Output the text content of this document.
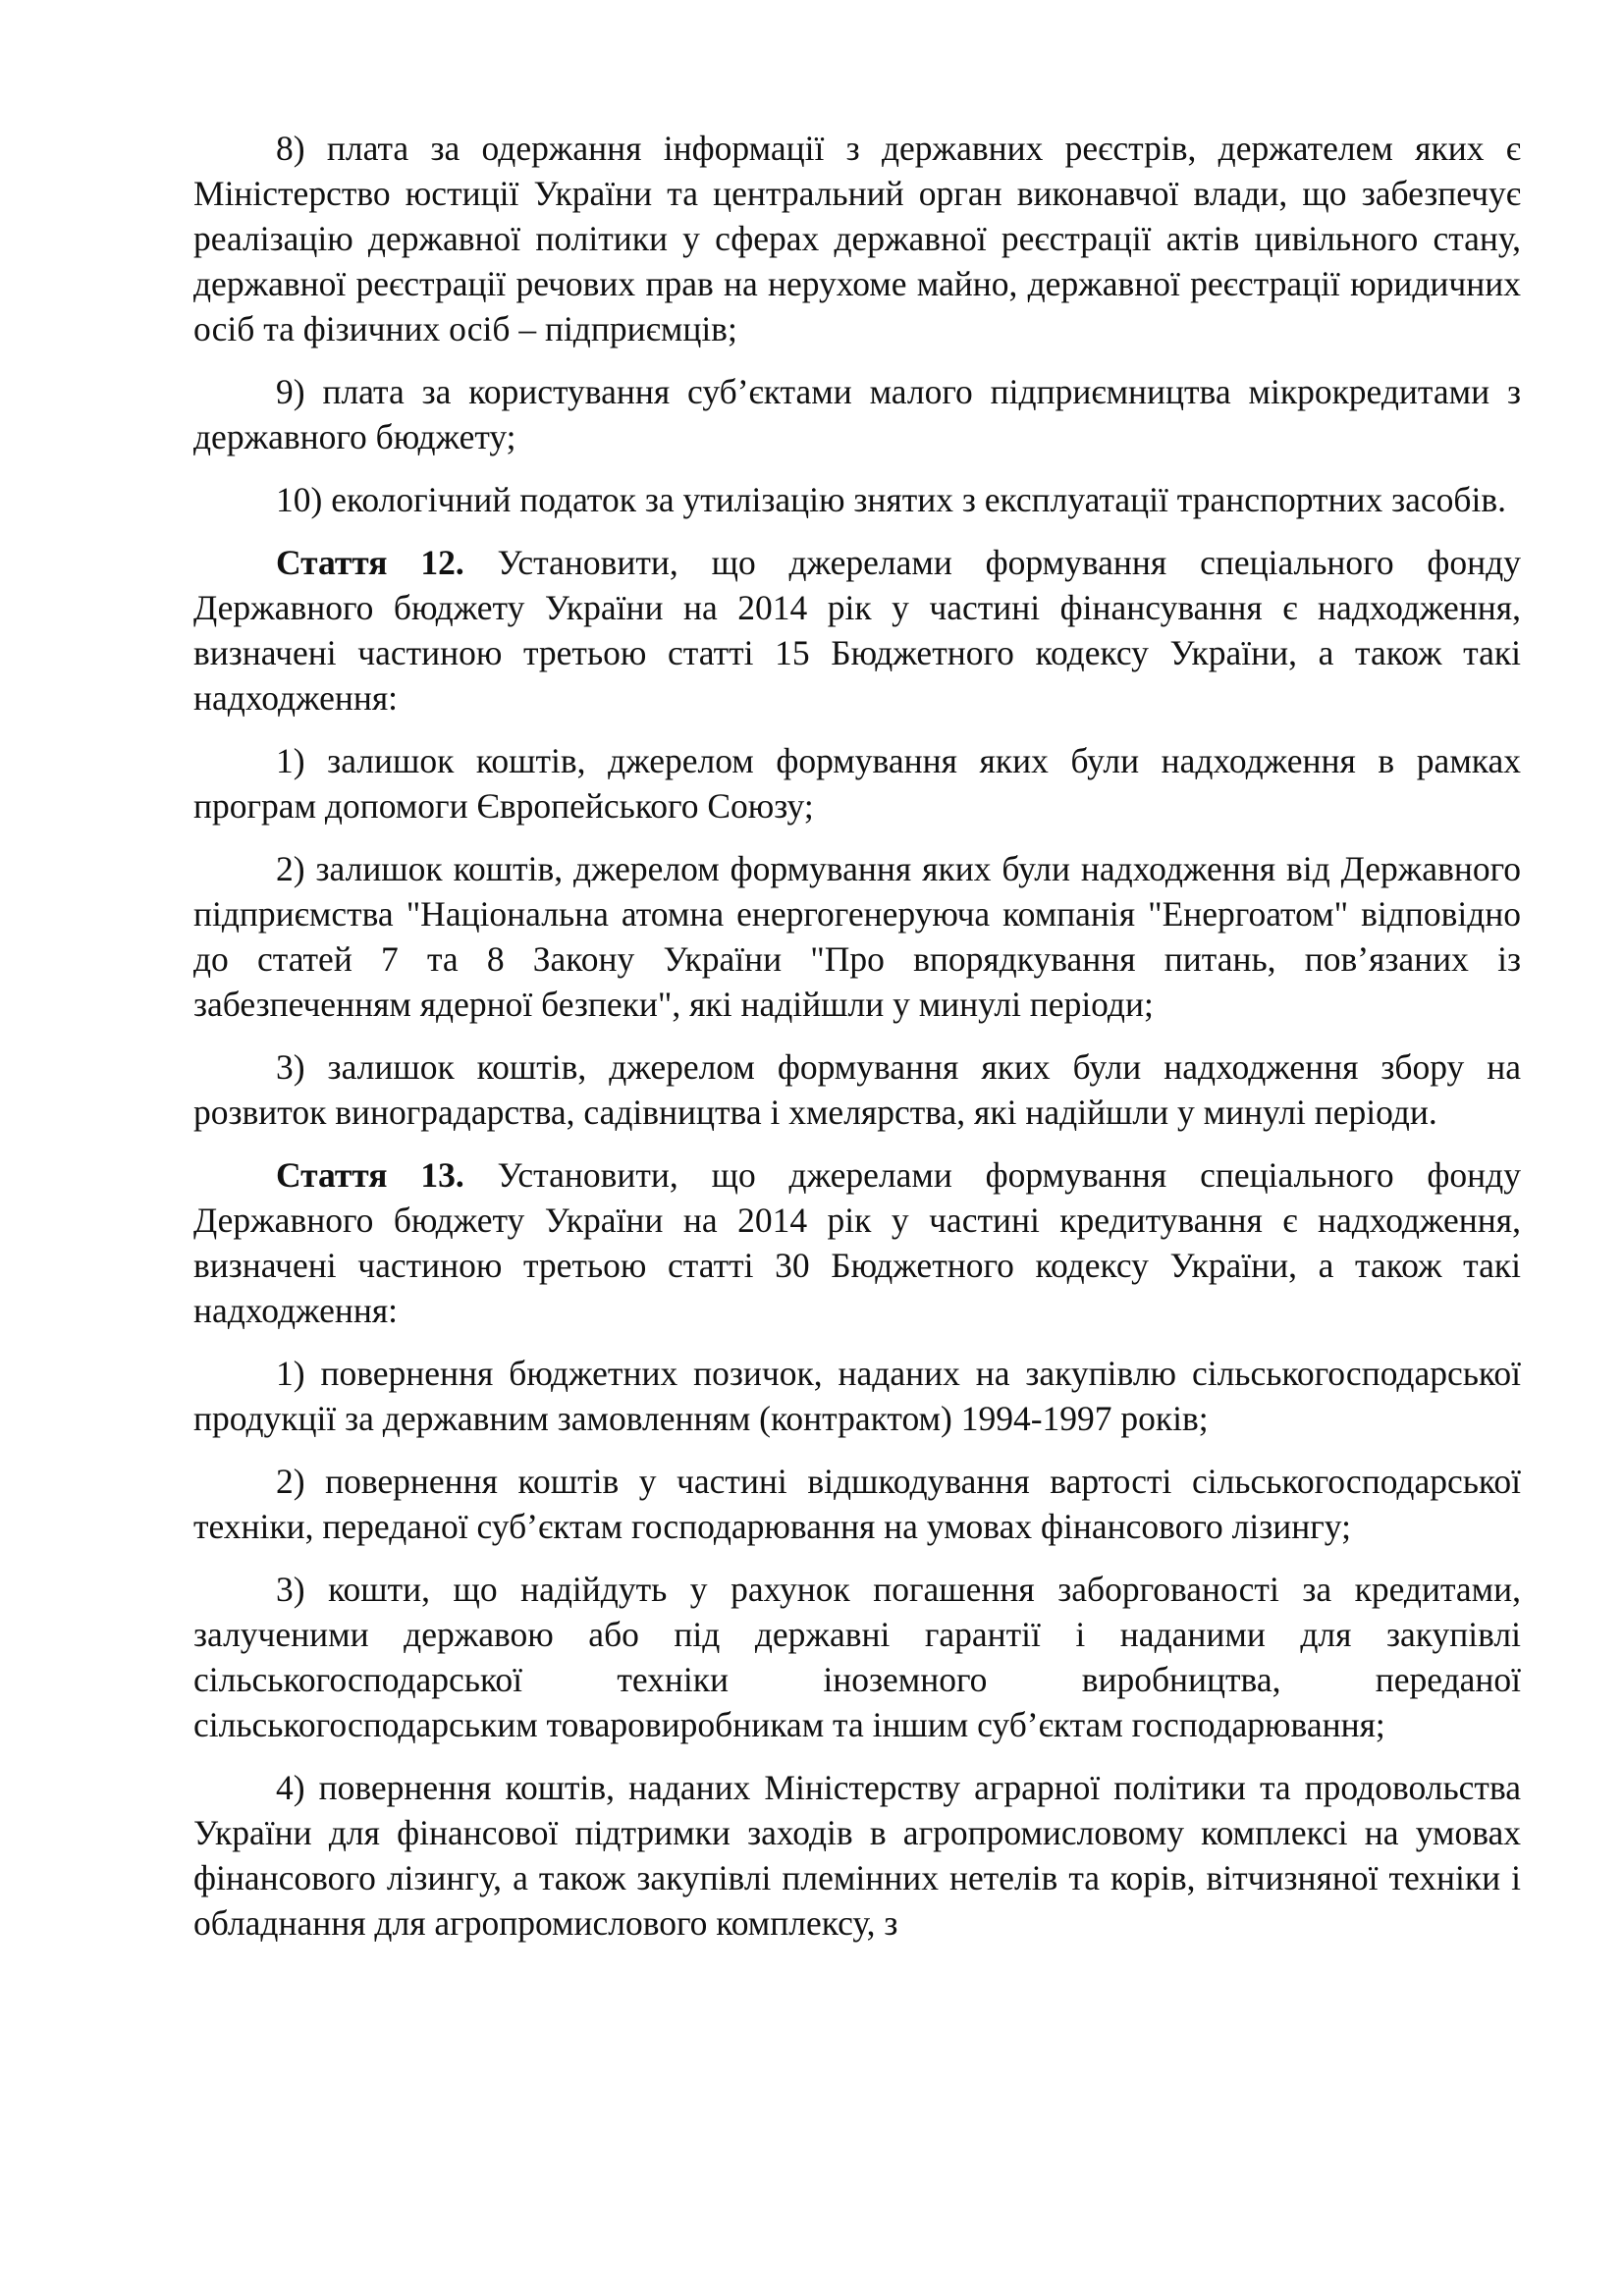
8) плата за одержання інформації з державних реєстрів, держателем яких є Міністерство юстиції України та центральний орган виконавчої влади, що забезпечує реалізацію державної політики у сферах державної реєстрації актів цивільного стану, державної реєстрації речових прав на нерухоме майно, державної реєстрації юридичних осіб та фізичних осіб – підприємців;

9) плата за користування суб’єктами малого підприємництва мікрокредитами з державного бюджету;

10) екологічний податок за утилізацію знятих з експлуатації транспортних засобів.

Стаття 12. Установити, що джерелами формування спеціального фонду Державного бюджету України на 2014 рік у частині фінансування є надходження, визначені частиною третьою статті 15 Бюджетного кодексу України, а також такі надходження:

1) залишок коштів, джерелом формування яких були надходження в рамках програм допомоги Європейського Союзу;

2) залишок коштів, джерелом формування яких були надходження від Державного підприємства "Національна атомна енергогенеруюча компанія "Енергоатом" відповідно до статей 7 та 8 Закону України "Про впорядкування питань, пов’язаних із забезпеченням ядерної безпеки", які надійшли у минулі періоди;

3) залишок коштів, джерелом формування яких були надходження збору на розвиток виноградарства, садівництва і хмелярства, які надійшли у минулі періоди.

Стаття 13. Установити, що джерелами формування спеціального фонду Державного бюджету України на 2014 рік у частині кредитування є надходження, визначені частиною третьою статті 30 Бюджетного кодексу України, а також такі надходження:

1) повернення бюджетних позичок, наданих на закупівлю сільськогосподарської продукції за державним замовленням (контрактом) 1994-1997 років;

2) повернення коштів у частині відшкодування вартості сільськогосподарської техніки, переданої суб’єктам господарювання на умовах фінансового лізингу;

3) кошти, що надійдуть у рахунок погашення заборгованості за кредитами, залученими державою або під державні гарантії і наданими для закупівлі сільськогосподарської техніки іноземного виробництва, переданої сільськогосподарським товаровиробникам та іншим суб’єктам господарювання;

4) повернення коштів, наданих Міністерству аграрної політики та продовольства України для фінансової підтримки заходів в агропромисловому комплексі на умовах фінансового лізингу, а також закупівлі племінних нетелів та корів, вітчизняної техніки і обладнання для агропромислового комплексу, з
